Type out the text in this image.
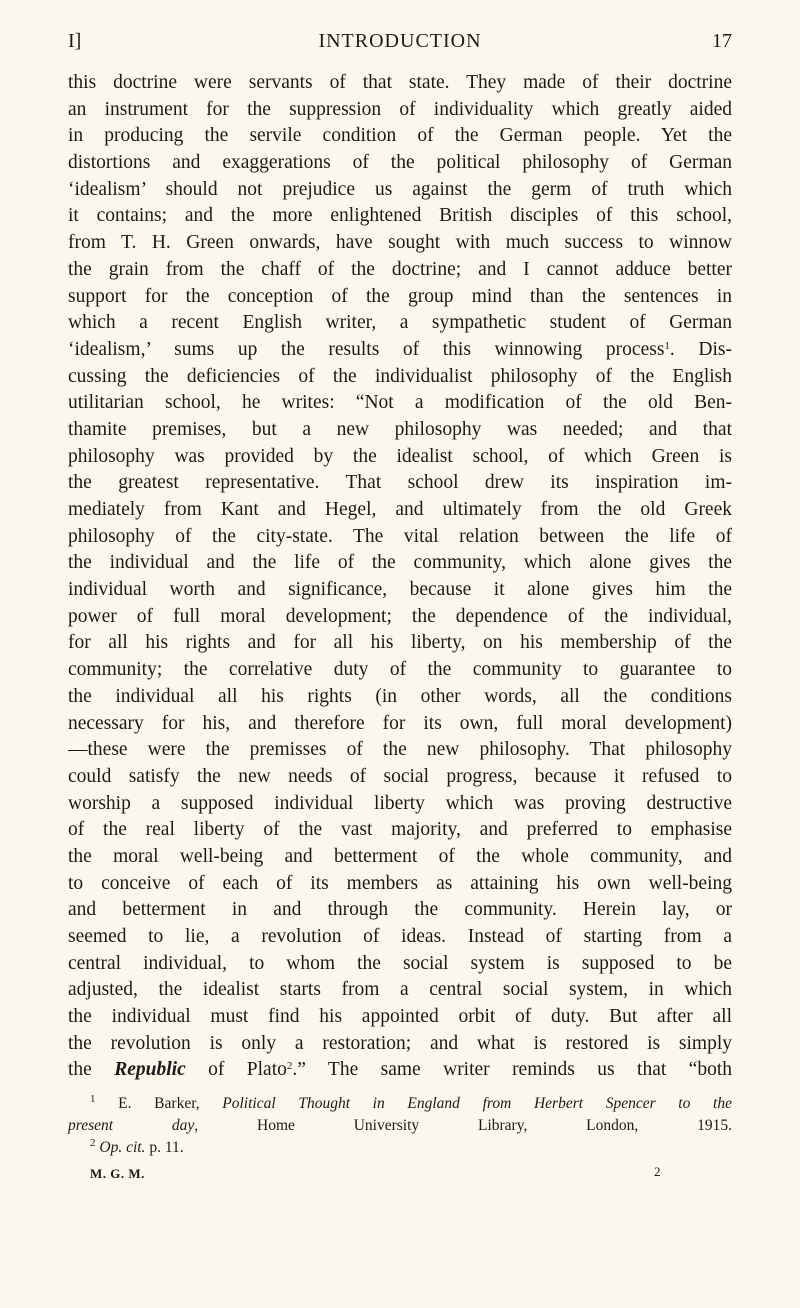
I]	INTRODUCTION	17
this doctrine were servants of that state. They made of their doctrine
an instrument for the suppression of individuality which greatly aided
in producing the servile condition of the German people. Yet the
distortions and exaggerations of the political philosophy of German
‘idealism’ should not prejudice us against the germ of truth which
it contains; and the more enlightened British disciples of this school,
from T. H. Green onwards, have sought with much success to winnow
the grain from the chaff of the doctrine; and I cannot adduce better
support for the conception of the group mind than the sentences in
which a recent English writer, a sympathetic student of German
‘idealism,’ sums up the results of this winnowing process$^1$. Dis-
cussing the deficiencies of the individualist philosophy of the English
utilitarian school, he writes: “Not a modification of the old Ben-
thamite premises, but a new philosophy was needed; and that
philosophy was provided by the idealist school, of which Green is
the greatest representative. That school drew its inspiration im-
mediately from Kant and Hegel, and ultimately from the old Greek
philosophy of the city-state. The vital relation between the life of
the individual and the life of the community, which alone gives the
individual worth and significance, because it alone gives him the
power of full moral development; the dependence of the individual,
for all his rights and for all his liberty, on his membership of the
community; the correlative duty of the community to guarantee to
the individual all his rights (in other words, all the conditions
necessary for his, and therefore for its own, full moral development)
—these were the premisses of the new philosophy. That philosophy
could satisfy the new needs of social progress, because it refused to
worship a supposed individual liberty which was proving destructive
of the real liberty of the vast majority, and preferred to emphasise
the moral well-being and betterment of the whole community, and
to conceive of each of its members as attaining his own well-being
and betterment in and through the community. Herein lay, or
seemed to lie, a revolution of ideas. Instead of starting from a
central individual, to whom the social system is supposed to be
adjusted, the idealist starts from a central social system, in which
the individual must find his appointed orbit of duty. But after all
the revolution is only a restoration; and what is restored is simply
the Republic of Plato$^2$.” The same writer reminds us that “both
$^1$ E. Barker, Political Thought in England from Herbert Spencer to the
present day, Home University Library, London, 1915.
$^2$ Op. cit. p. 11.
M. G. M.	2
